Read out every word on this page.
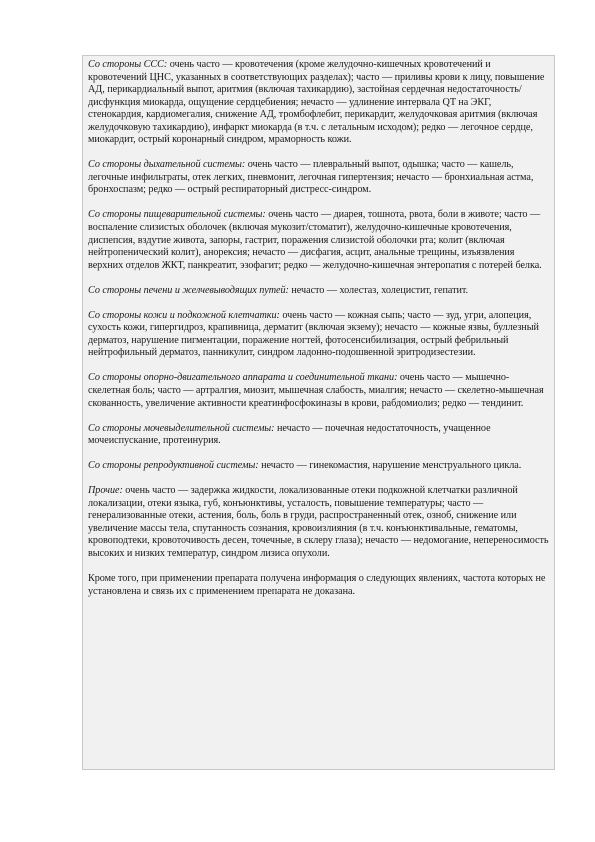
Со стороны ССС: очень часто — кровотечения (кроме желудочно-кишечных кровотечений и кровотечений ЦНС, указанных в соответствующих разделах); часто — приливы крови к лицу, повышение АД, перикардиальный выпот, аритмия (включая тахикардию), застойная сердечная недостаточность/дисфункция миокарда, ощущение сердцебиения; нечасто — удлинение интервала QT на ЭКГ, стенокардия, кардиомегалия, снижение АД, тромбофлебит, перикардит, желудочковая аритмия (включая желудочковую тахикардию), инфаркт миокарда (в т.ч. с летальным исходом); редко — легочное сердце, миокардит, острый коронарный синдром, мраморность кожи.

Со стороны дыхательной системы: очень часто — плевральный выпот, одышка; часто — кашель, легочные инфильтраты, отек легких, пневмонит, легочная гипертензия; нечасто — бронхиальная астма, бронхоспазм; редко — острый респираторный дистресс-синдром.

Со стороны пищеварительной системы: очень часто — диарея, тошнота, рвота, боли в животе; часто — воспаление слизистых оболочек (включая мукозит/стоматит), желудочно-кишечные кровотечения, диспепсия, вздутие живота, запоры, гастрит, поражения слизистой оболочки рта; колит (включая нейтропенический колит), анорексия; нечасто — дисфагия, асцит, анальные трещины, изъязвления верхних отделов ЖКТ, панкреатит, эзофагит; редко — желудочно-кишечная энтеропатия с потерей белка.

Со стороны печени и желчевыводящих путей: нечасто — холестаз, холецистит, гепатит.

Со стороны кожи и подкожной клетчатки: очень часто — кожная сыпь; часто — зуд, угри, алопеция, сухость кожи, гипергидроз, крапивница, дерматит (включая экзему); нечасто — кожные язвы, буллезный дерматоз, нарушение пигментации, поражение ногтей, фотосенсибилизация, острый фебрильный нейтрофильный дерматоз, панникулит, синдром ладонно-подошвенной эритродизестезии.

Со стороны опорно-двигательного аппарата и соединительной ткани: очень часто — мышечно-скелетная боль; часто — артралгия, миозит, мышечная слабость, миалгия; нечасто — скелетно-мышечная скованность, увеличение активности креатинфосфокиназы в крови, рабдомиолиз; редко — тендинит.

Со стороны мочевыделительной системы: нечасто — почечная недостаточность, учащенное мочеиспускание, протеинурия.

Со стороны репродуктивной системы: нечасто — гинекомастия, нарушение менструального цикла.

Прочие: очень часто — задержка жидкости, локализованные отеки подкожной клетчатки различной локализации, отеки языка, губ, конъюнктивы, усталость, повышение температуры; часто — генерализованные отеки, астения, боль, боль в груди, распространенный отек, озноб, снижение или увеличение массы тела, спутанность сознания, кровоизлияния (в т.ч. конъюнктивальные, гематомы, кровоподтеки, кровоточивость десен, точечные, в склеру глаза); нечасто — недомогание, непереносимость высоких и низких температур, синдром лизиса опухоли.

Кроме того, при применении препарата получена информация о следующих явлениях, частота которых не установлена и связь их с применением препарата не доказана.
